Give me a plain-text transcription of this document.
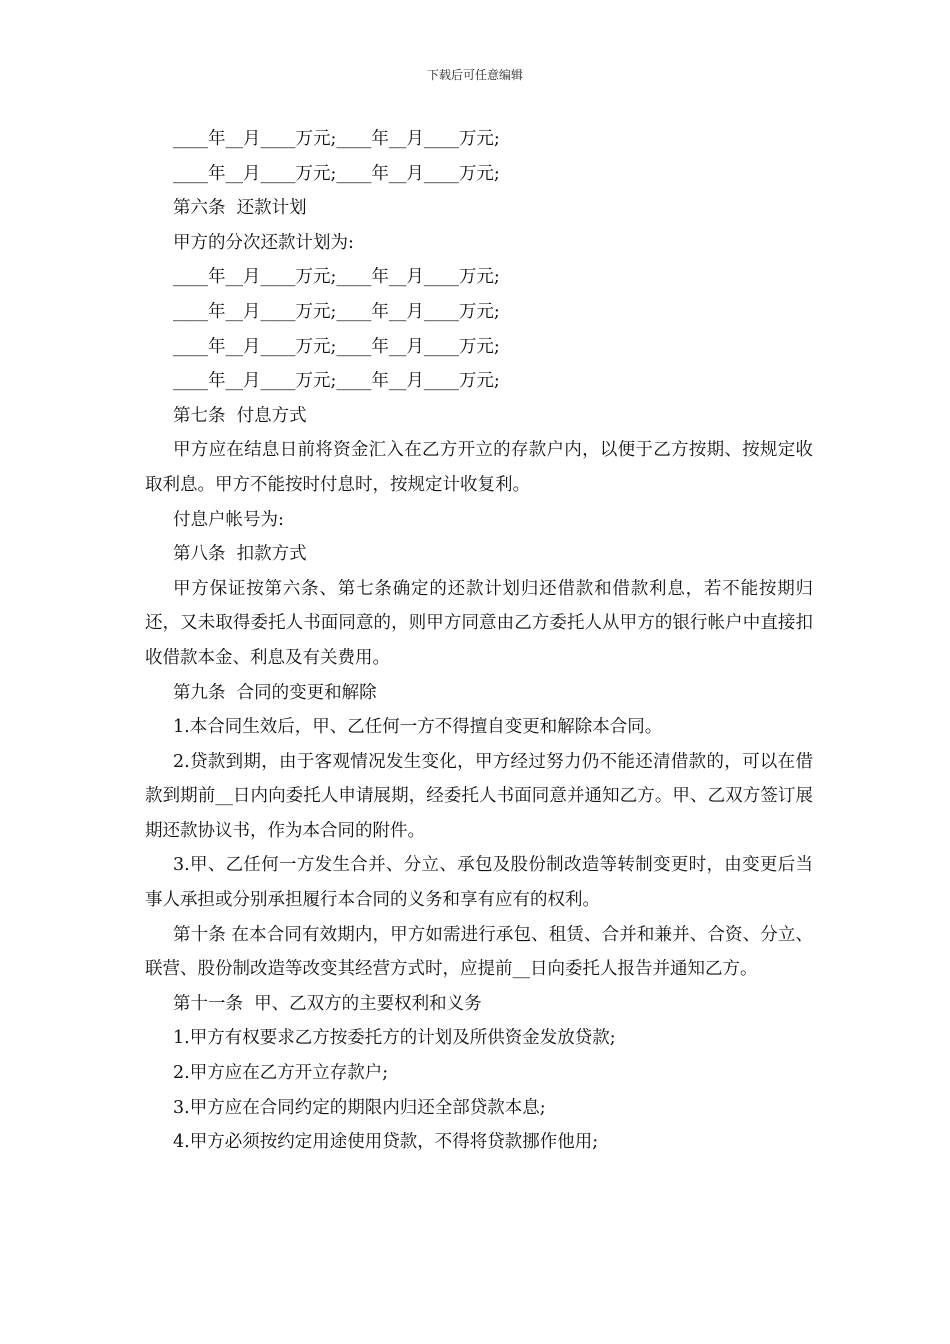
下载后可任意编辑
____年__月____万元;____年__月____万元;
____年__月____万元;____年__月____万元;
第六条  还款计划
甲方的分次还款计划为:
____年__月____万元;____年__月____万元;
____年__月____万元;____年__月____万元;
____年__月____万元;____年__月____万元;
____年__月____万元;____年__月____万元;
第七条  付息方式
甲方应在结息日前将资金汇入在乙方开立的存款户内，以便于乙方按期、按规定收取利息。甲方不能按时付息时，按规定计收复利。
付息户帐号为:
第八条  扣款方式
甲方保证按第六条、第七条确定的还款计划归还借款和借款利息，若不能按期归还，又未取得委托人书面同意的，则甲方同意由乙方委托人从甲方的银行帐户中直接扣收借款本金、利息及有关费用。
第九条  合同的变更和解除
1.本合同生效后，甲、乙任何一方不得擅自变更和解除本合同。
2.贷款到期，由于客观情况发生变化，甲方经过努力仍不能还清借款的，可以在借款到期前__日内向委托人申请展期，经委托人书面同意并通知乙方。甲、乙双方签订展期还款协议书，作为本合同的附件。
3.甲、乙任何一方发生合并、分立、承包及股份制改造等转制变更时，由变更后当事人承担或分别承担履行本合同的义务和享有应有的权利。
第十条 在本合同有效期内，甲方如需进行承包、租赁、合并和兼并、合资、分立、联营、股份制改造等改变其经营方式时，应提前__日向委托人报告并通知乙方。
第十一条  甲、乙双方的主要权利和义务
1.甲方有权要求乙方按委托方的计划及所供资金发放贷款;
2.甲方应在乙方开立存款户;
3.甲方应在合同约定的期限内归还全部贷款本息;
4.甲方必须按约定用途使用贷款，不得将贷款挪作他用;
